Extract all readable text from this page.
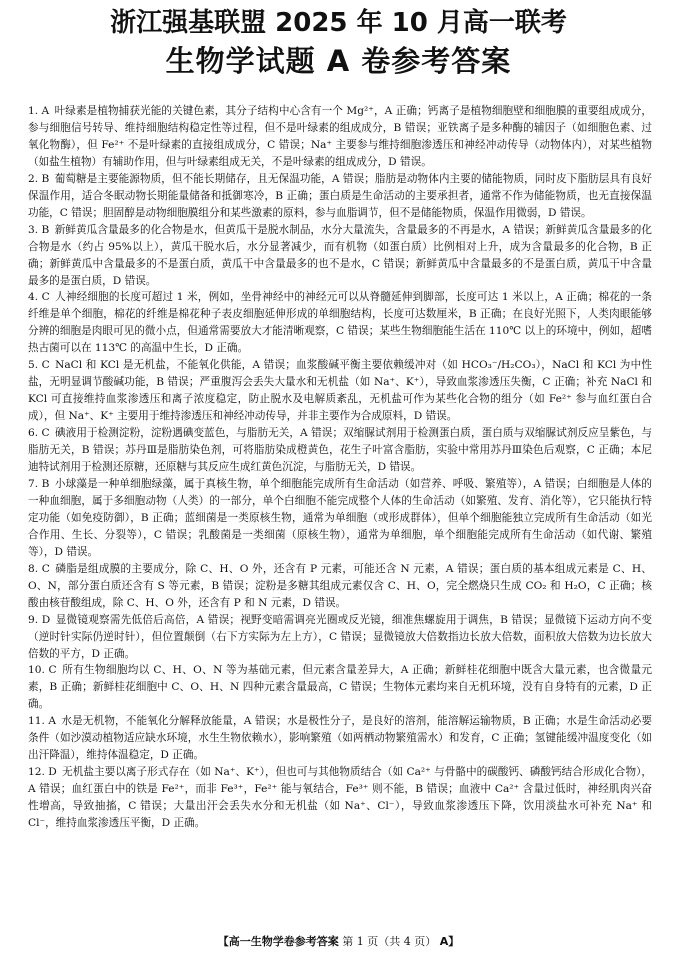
浙江强基联盟 2025 年 10 月高一联考
生物学试题 A 卷参考答案

1. A  叶绿素是植物捕获光能的关键色素，其分子结构中心含有一个 Mg²⁺，A 正确；钙离子是植物细胞壁和细胞膜的重要组成成分，参与细胞信号转导、维持细胞结构稳定性等过程，但不是叶绿素的组成成分，B 错误；亚铁离子是多种酶的辅因子（如细胞色素、过氧化物酶），但 Fe²⁺ 不是叶绿素的直接组成成分，C 错误；Na⁺ 主要参与维持细胞渗透压和神经冲动传导（动物体内），对某些植物（如盐生植物）有辅助作用，但与叶绿素组成无关，不是叶绿素的组成成分，D 错误。

2. B  葡萄糖是主要能源物质，但不能长期储存，且无保温功能，A 错误；脂肪是动物体内主要的储能物质，同时皮下脂肪层具有良好保温作用，适合冬眠动物长期能量储备和抵御寒冷，B 正确；蛋白质是生命活动的主要承担者，通常不作为储能物质，也无直接保温功能，C 错误；胆固醇是动物细胞膜组分和某些激素的原料，参与血脂调节，但不是储能物质，保温作用微弱，D 错误。

3. B  新鲜黄瓜含量最多的化合物是水，但黄瓜干是脱水制品，水分大量流失，含量最多的不再是水，A 错误；新鲜黄瓜含量最多的化合物是水（约占 95%以上），黄瓜干脱水后，水分显著减少，而有机物（如蛋白质）比例相对上升，成为含量最多的化合物，B 正确；新鲜黄瓜中含量最多的不是蛋白质，黄瓜干中含量最多的也不是水，C 错误；新鲜黄瓜中含量最多的不是蛋白质，黄瓜干中含量最多的是蛋白质，D 错误。

4. C  人神经细胞的长度可超过 1 米，例如，坐骨神经中的神经元可以从脊髓延伸到脚部，长度可达 1 米以上，A 正确；棉花的一条纤维是单个细胞，棉花的纤维是棉花种子表皮细胞延伸形成的单细胞结构，长度可达数厘米，B 正确；在良好光照下，人类肉眼能够分辨的细胞是肉眼可见的微小点，但通常需要放大才能清晰观察，C 错误；某些生物细胞能生活在 110℃ 以上的环境中，例如，超嗜热古菌可以在 113℃ 的高温中生长，D 正确。

5. C  NaCl 和 KCl 是无机盐，不能氧化供能，A 错误；血浆酸碱平衡主要依赖缓冲对（如 HCO₃⁻/H₂CO₃），NaCl 和 KCl 为中性盐，无明显调节酸碱功能，B 错误；严重腹泻会丢失大量水和无机盐（如 Na⁺、K⁺），导致血浆渗透压失衡，C 正确；补充 NaCl 和 KCl 可直接维持血浆渗透压和离子浓度稳定，防止脱水及电解质紊乱，无机盐可作为某些化合物的组分（如 Fe²⁺ 参与血红蛋白合成），但 Na⁺、K⁺ 主要用于维持渗透压和神经冲动传导，并非主要作为合成原料，D 错误。

6. C  碘液用于检测淀粉，淀粉遇碘变蓝色，与脂肪无关，A 错误；双缩脲试剂用于检测蛋白质，蛋白质与双缩脲试剂反应呈紫色，与脂肪无关，B 错误；苏丹Ⅲ是脂肪染色剂，可将脂肪染成橙黄色，花生子叶富含脂肪，实验中常用苏丹Ⅲ染色后观察，C 正确；本尼迪特试剂用于检测还原糖，还原糖与其反应生成红黄色沉淀，与脂肪无关，D 错误。

7. B  小球藻是一种单细胞绿藻，属于真核生物，单个细胞能完成所有生命活动（如营养、呼吸、繁殖等），A 错误；白细胞是人体的一种血细胞，属于多细胞动物（人类）的一部分，单个白细胞不能完成整个人体的生命活动（如繁殖、发育、消化等），它只能执行特定功能（如免疫防御），B 正确；蓝细菌是一类原核生物，通常为单细胞（或形成群体），但单个细胞能独立完成所有生命活动（如光合作用、生长、分裂等），C 错误；乳酸菌是一类细菌（原核生物），通常为单细胞，单个细胞能完成所有生命活动（如代谢、繁殖等），D 错误。

8. C  磷脂是组成膜的主要成分，除 C、H、O 外，还含有 P 元素，可能还含 N 元素，A 错误；蛋白质的基本组成元素是 C、H、O、N，部分蛋白质还含有 S 等元素，B 错误；淀粉是多糖其组成元素仅含 C、H、O，完全燃烧只生成 CO₂ 和 H₂O，C 正确；核酸由核苷酸组成，除 C、H、O 外，还含有 P 和 N 元素，D 错误。

9. D  显微镜观察需先低倍后高倍，A 错误；视野变暗需调亮光圈或反光镜，细准焦螺旋用于调焦，B 错误；显微镜下运动方向不变（逆时针实际仍逆时针），但位置颠倒（右下方实际为左上方），C 错误；显微镜放大倍数指边长放大倍数，面积放大倍数为边长放大倍数的平方，D 正确。

10. C  所有生物细胞均以 C、H、O、N 等为基础元素，但元素含量差异大，A 正确；新鲜桂花细胞中既含大量元素，也含微量元素，B 正确；新鲜桂花细胞中 C、O、H、N 四种元素含量最高，C 错误；生物体元素均来自无机环境，没有自身特有的元素，D 正确。

11. A  水是无机物，不能氧化分解释放能量，A 错误；水是极性分子，是良好的溶剂，能溶解运输物质，B 正确；水是生命活动必要条件（如沙漠动植物适应缺水环境，水生生物依赖水），影响繁殖（如两栖动物繁殖需水）和发育，C 正确；氢键能缓冲温度变化（如出汗降温），维持体温稳定，D 正确。

12. D  无机盐主要以离子形式存在（如 Na⁺、K⁺），但也可与其他物质结合（如 Ca²⁺ 与骨骼中的碳酸钙、磷酸钙结合形成化合物），A 错误；血红蛋白中的铁是 Fe²⁺，而非 Fe³⁺，Fe²⁺ 能与氧结合，Fe³⁺ 则不能，B 错误；血液中 Ca²⁺ 含量过低时，神经肌肉兴奋性增高，导致抽搐，C 错误；大量出汗会丢失水分和无机盐（如 Na⁺、Cl⁻），导致血浆渗透压下降，饮用淡盐水可补充 Na⁺ 和 Cl⁻，维持血浆渗透压平衡，D 正确。

【高一生物学卷参考答案 第 1 页（共 4 页） A】
